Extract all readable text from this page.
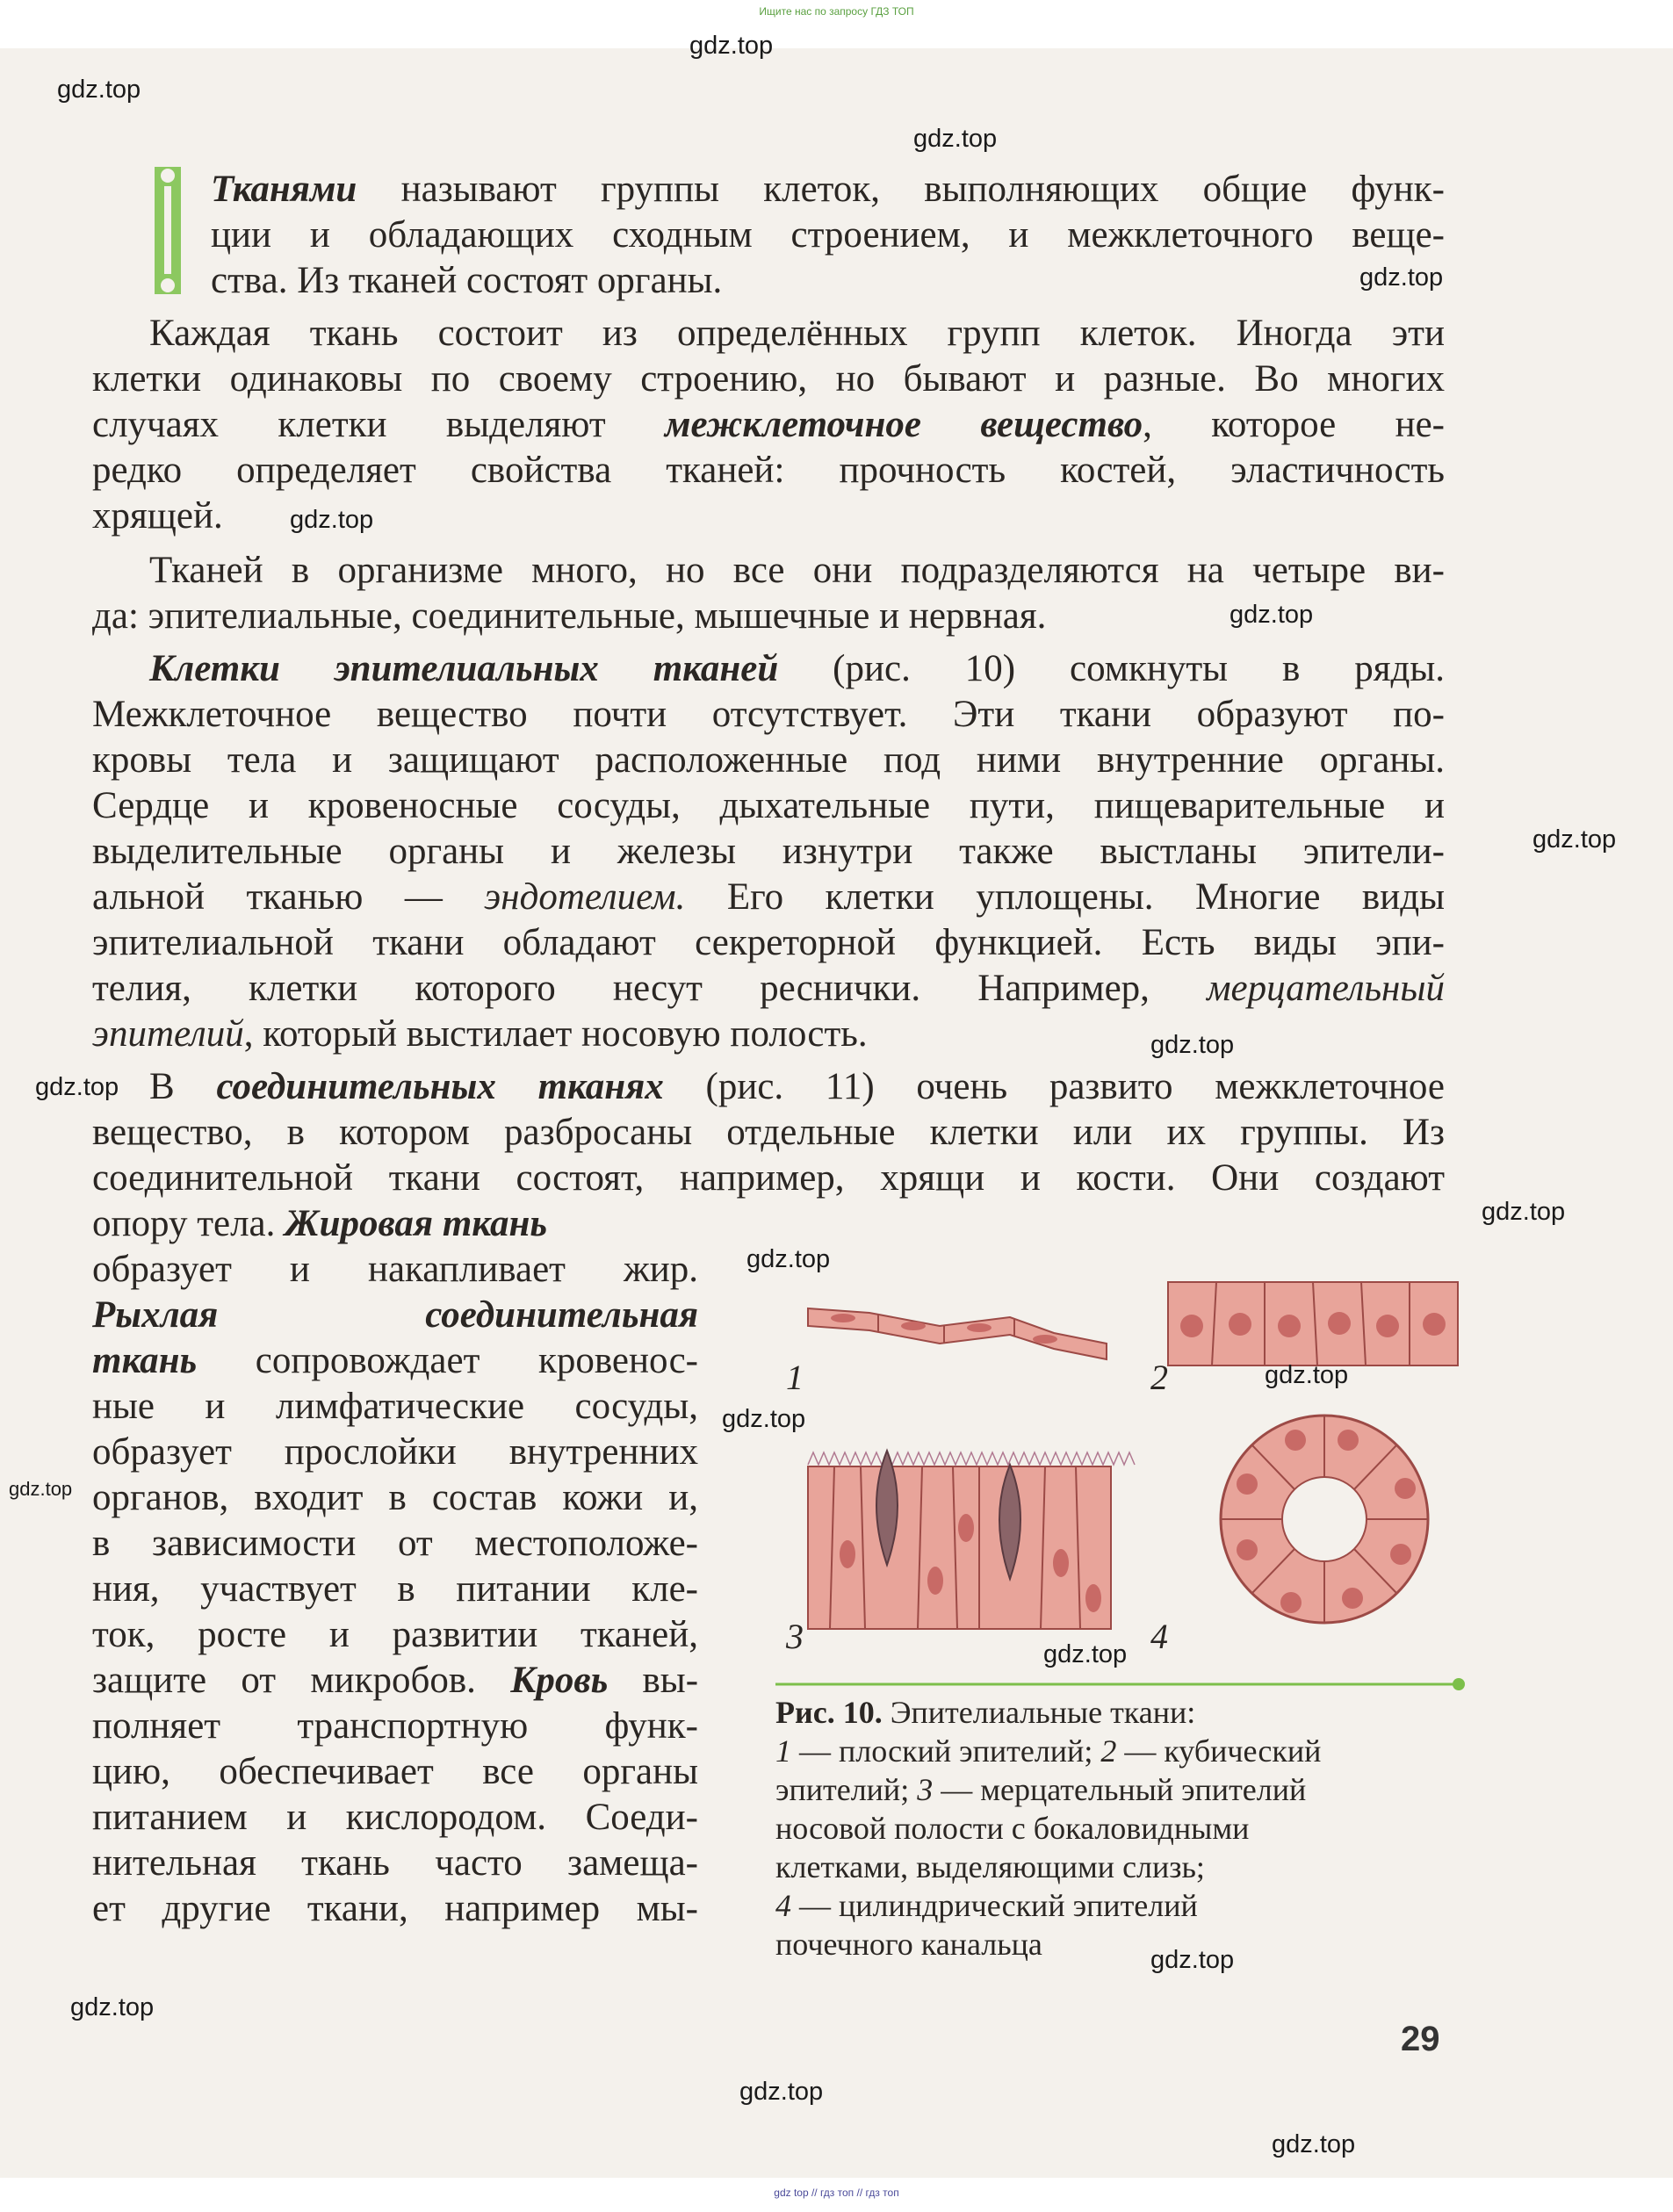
Ищите нас по запросу ГДЗ ТОП
Тканями называют группы клеток, выполняющих общие функ-
ции и обладающих сходным строением, и межклеточного веще-
ства. Из тканей состоят органы.
Каждая ткань состоит из определённых групп клеток. Иногда эти
клетки одинаковы по своему строению, но бывают и разные. Во многих
случаях клетки выделяют межклеточное вещество, которое не-
редко определяет свойства тканей: прочность костей, эластичность
хрящей.
Тканей в организме много, но все они подразделяются на четыре ви-
да: эпителиальные, соединительные, мышечные и нервная.
Клетки эпителиальных тканей (рис. 10) сомкнуты в ряды.
Межклеточное вещество почти отсутствует. Эти ткани образуют по-
кровы тела и защищают расположенные под ними внутренние органы.
Сердце и кровеносные сосуды, дыхательные пути, пищеварительные и
выделительные органы и железы изнутри также выстланы эпители-
альной тканью — эндотелием. Его клетки уплощены. Многие виды
эпителиальной ткани обладают секреторной функцией. Есть виды эпи-
телия, клетки которого несут реснички. Например, мерцательный
эпителий, который выстилает носовую полость.
В соединительных тканях (рис. 11) очень развито межклеточное
вещество, в котором разбросаны отдельные клетки или их группы. Из
соединительной ткани состоят, например, хрящи и кости. Они создают
опору тела. Жировая ткань
образует и накапливает жир.
Рыхлая соединительная
ткань сопровождает кровенос-
ные и лимфатические сосуды,
образует прослойки внутренних
органов, входит в состав кожи и,
в зависимости от местоположе-
ния, участвует в питании кле-
ток, росте и развитии тканей,
защите от микробов. Кровь вы-
полняет транспортную функ-
цию, обеспечивает все органы
питанием и кислородом. Соеди-
нительная ткань часто замеща-
ет другие ткани, например мы-
1	2
3	4
Рис. 10. Эпителиальные ткани:
1 — плоский эпителий; 2 — кубический
эпителий; 3 — мерцательный эпителий
носовой полости с бокаловидными
клетками, выделяющими слизь;
4 — цилиндрический эпителий
почечного канальца
29
gdz.top
gdz.top
gdz.top
gdz.top
gdz.top
gdz.top
gdz.top
gdz.top
gdz.top
gdz.top
gdz.top
gdz.top
gdz.top
gdz.top
gdz.top
gdz.top
gdz.top
gdz.top
gdz.top
gdz top // гдз топ // гдз топ
